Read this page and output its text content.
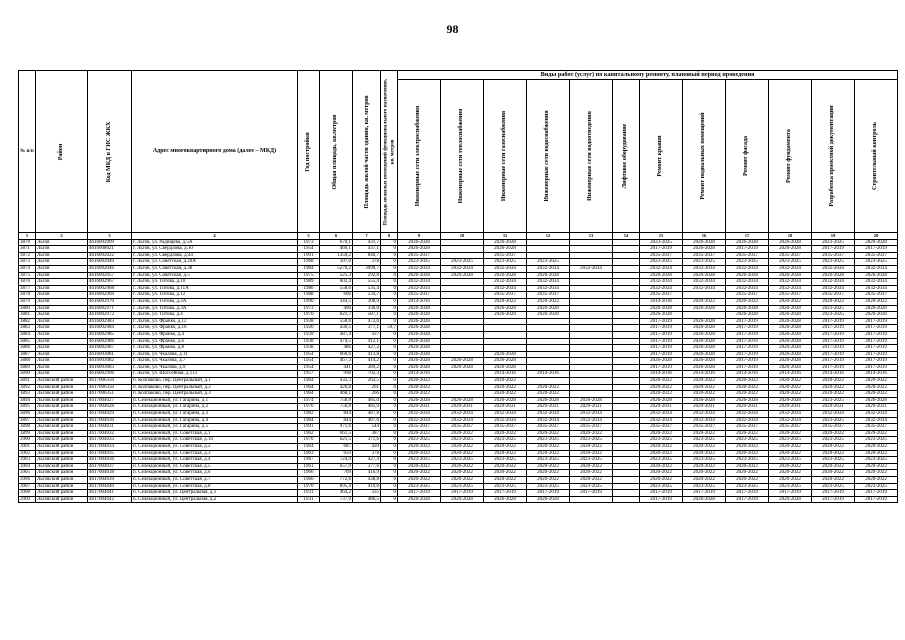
98
№ п/п	Район	Код МКД в ГИС ЖКХ	Адрес многоквартирного дома (далее – МКД)	Год постройки	Общая площадь, кв.метров	Площадь жилой части здания, кв. метров	Площадь нежилых помещений функционального назначения, кв. метров	Виды работ (услуг) по капитальному ремонту, плановый период проведения											

								Инженерные сети электроснабжения	Инженерные сети теплоснабжения	Инженерные сети газоснабжения	Инженерные сети водоснабжения	Инженерные сети водоотведения	Лифтовое оборудование	Ремонт крыши	Ремонт подвальных помещений	Ремонт фасада	Ремонт фундамента	Разработка проектной документации	Строительный контроль

1	2	3	4	5	6	7	8	9	10	11	12	13	14	15	16	17	18	19	20
3870	Льгов	4616002909	г. Льгов, ул. Радищева, д.5А	1973	670,1	431,7	0	2026-2028		2026-2028				2023-2025	2026-2028	2026-2028	2026-2028	2023-2025	2026-2028
3871	Льгов	4616008621	г. Льгов, ул. Свердлова, д.10	1954	469,1	437,1	0	2026-2028		2026-2028				2017-2019	2026-2028	2017-2019	2026-2028	2017-2019	2017-2019
3872	Льгов	4616002022	г. Льгов, ул. Свердлова, д.44	1991	1359,2	840,7	0	2035-2037		2035-2037				2035-2037	2035-2037	2035-2037	2035-2037	2035-2037	2035-2037
3873	Льгов	4616002040	г. Льгов, ул. Советская, д.20А	1968	397,0	378	0	2023-2025	2023-2025	2023-2025	2023-2025			2023-2025	2023-2025	2023-2025	2023-2025	2023-2025	2023-2025
3874	Льгов	4616002046	г. Льгов, ул. Советская, д.38	1984	5270,2	3990,7	0	2032-2034	2032-2034	2032-2034	2032-2034	2032-2034		2032-2034	2032-2034	2032-2034	2032-2034	2032-2034	2032-2034
3875	Льгов	4616002057	г. Льгов, ул. Советская, д.5	1975	525,3	292,8	0	2026-2028	2026-2028	2026-2028	2026-2028			2026-2028	2026-2028	2026-2028	2026-2028	2026-2028	2026-2028
3876	Льгов	4616002967	г. Льгов, ул. Титова, д.10	1989	602,4	555,4	0	2032-2034		2032-2034	2032-2034			2032-2034	2032-2034	2032-2034	2032-2034	2032-2034	2032-2034
3877	Льгов	4616002968	г. Льгов, ул. Титова, д.11А	1986	558,6	535,4	0	2032-2034		2032-2034	2032-2034			2032-2034	2032-2034	2032-2034	2032-2034	2032-2034	2032-2034
3878	Льгов	4616002969	г. Льгов, ул. Титова, д.12	1988	606	534,7	0	2035-2037		2035-2037	2035-2037			2035-2037		2035-2037	2035-2037	2035-2037	2035-2037
3879	Льгов	4616002970	г. Льгов, ул. Титова, д.2А	1996	344,5	308,9	0	2014-2016		2020-2022	2020-2022			2014-2016	2020-2022	2020-2022	2020-2022	2020-2022	2020-2022
3880	Льгов	4616002971	г. Льгов, ул. Титова, д.3А	1973	406	336,0	0	2026-2028		2026-2028	2026-2028			2026-2028	2026-2028	2026-2028	2026-2028	2023-2025	2026-2028
3881	Льгов	4616002972	г. Льгов, ул. Титова, д.4	1970	621,7	587,1	0	2026-2028		2026-2028	2026-2028			2026-2028		2026-2028	2026-2028	2023-2025	2026-2028
3882	Льгов	4616002983	г. Льгов, ул. Франко, д.12	1938	558,6	472,6	0	2026-2028						2017-2019	2026-2028	2017-2019	2026-2028	2017-2019	2017-2019
3883	Льгов	4616002984	г. Льгов, ул. Франко, д.16	1926	436,5	377,1	59,7	2026-2028						2017-2019	2026-2028	2017-2019	2026-2028	2017-2019	2017-2019
3884	Льгов	4616002985	г. Льгов, ул. Франко, д.4	1939	487,4	437	0	2026-2028						2017-2019	2026-2028	2017-2019	2026-2028	2017-2019	2017-2019
3885	Льгов	4616002986	г. Льгов, ул. Франко, д.6	1938	474,5	412,1	0	2026-2028						2017-2019	2026-2028	2017-2019	2026-2028	2017-2019	2017-2019
3886	Льгов	4616002987	г. Льгов, ул. Франко, д.8	1938	486	427,2	0	2026-2028						2017-2019	2026-2028	2017-2019	2026-2028	2017-2019	2017-2019
3887	Льгов	4616003081	г. Льгов, ул. Чкалова, д.11	1954	666,6	413,8	0	2026-2028		2026-2028				2017-2019	2026-2028	2017-2019	2026-2028	2017-2019	2017-2019
3888	Льгов	4616003082	г. Льгов, ул. Чкалова, д.7	1954	467,3	414,2	0	2026-2028	2026-2028	2026-2028				2026-2028	2026-2028	2017-2019	2026-2028	2017-2019	2017-2019
3889	Льгов	4616003083	г. Льгов, ул. Чкалова, д.9	1954	441	389,2	0	2026-2028	2026-2028	2026-2028				2017-2019	2026-2028	2017-2019	2026-2028	2017-2019	2017-2019
3890	Льгов	4616002996	г. Льгов, ул. Шоссейная, д.113	1957	998	702,3	0	2014-2016		2014-2016	2014-2016			2014-2016	2014-2016	2014-2016	2014-2016	2014-2016	2014-2016
3891	Льговский район	4617006350	п. Колпаково, пер. Центральный, д.1	1964	432,3	263,5	0	2020-2022		2020-2022				2020-2022	2020-2022	2020-2022	2020-2022	2020-2022	2020-2022
3892	Льговский район	4617006350	п. Колпаково, пер. Центральный, д.2	1964	426,8	261	0	2020-2022		2020-2022	2020-2022			2020-2022	2020-2022	2020-2022	2020-2022	2020-2022	2020-2022
3893	Льговский район	4617006351	п. Колпаково, пер. Центральный, д.3	1964	468,1	266	0	2020-2022		2020-2022	2020-2022			2020-2022	2020-2022	2020-2022	2020-2022	2020-2022	2020-2022
3894	Льговский район	4617004027	п. Селекционный, ул. Гагарина, д.1	1974	758,8	485,0	0	2026-2028	2026-2028	2026-2028	2026-2028	2026-2028		2026-2028	2026-2028	2026-2028	2026-2028	2023-2025	2026-2028
3895	Льговский район	4617004028	п. Селекционный, ул. Гагарина, д.2	1976	756,8	485,9	0	2029-2031	2029-2031	2029-2031	2029-2031	2029-2031		2029-2031	2029-2031	2029-2031	2029-2031	2029-2031	2029-2031
3896	Льговский район	4617004029	п. Селекционный, ул. Гагарина, д.3	1982	844	487,8	0	2032-2034	2032-2034	2032-2034	2032-2034	2032-2034		2032-2034	2032-2034	2032-2034	2032-2034	2032-2034	2032-2034
3897	Льговский район	4617004030	п. Селекционный, ул. Гагарина, д.4	1984	844	487,6	0	2032-2034	2032-2034	2032-2034	2032-2034	2032-2034		2032-2034	2032-2034	2032-2034	2032-2034	2023-2025	2032-2034
3898	Льговский район	4617004031	п. Селекционный, ул. Гагарина, д.5	1991	971,6	544	0	2035-2037	2035-2037	2035-2037	2035-2037	2035-2037		2035-2037	2035-2037	2035-2037	2035-2037	2035-2037	2035-2037
3899	Льговский район	4617004032	п. Селекционный, ул. Советская, д.1	1962	661,5	387	0	2020-2022	2020-2022	2020-2022	2020-2022	2020-2022		2020-2022	2020-2022	2020-2022	2020-2022	2020-2022	2020-2022
3900	Льговский район	4617004033	п. Селекционный, ул. Советская, д.10	1970	621,5	371,6	0	2023-2025	2023-2025	2023-2025	2023-2025	2023-2025		2023-2025	2023-2025	2023-2025	2023-2025	2023-2025	2023-2025
3901	Льговский район	4617004034	п. Селекционный, ул. Советская, д.2	1964	687	420	0	2020-2022	2020-2022	2020-2022	2020-2022	2020-2022		2020-2022	2020-2022	2020-2022	2020-2022	2020-2022	2020-2022
3902	Льговский район	4617004035	п. Селекционный, ул. Советская, д.3	1963	659	378	0	2020-2022	2020-2022	2020-2022	2020-2022	2020-2022		2020-2022	2020-2022	2020-2022	2020-2022	2020-2022	2020-2022
3903	Льговский район	4617004036	п. Селекционный, ул. Советская, д.4	1967	724,9	427,4	0	2023-2025	2023-2025	2023-2025	2023-2025	2023-2025		2023-2025	2023-2025	2023-2025	2023-2025	2023-2025	2023-2025
3904	Льговский район	4617004037	п. Селекционный, ул. Советская, д.5	1961	657,9	377,6	0	2020-2022	2020-2022	2020-2022	2020-2022	2020-2022		2020-2022	2020-2022	2020-2022	2020-2022	2020-2022	2020-2022
3905	Льговский район	4617004038	п. Селекционный, ул. Советская, д.6	1966	709	416,9	0	2020-2022	2020-2022	2020-2022	2020-2022	2020-2022		2020-2022	2020-2022	2020-2022	2020-2022	2020-2022	2020-2022
3906	Льговский район	4617004039	п. Селекционный, ул. Советская, д.7	1966	772,6	438,8	0	2020-2022	2020-2022	2020-2022	2020-2022	2020-2022		2020-2022	2020-2022	2020-2022	2020-2022	2020-2022	2020-2022
3907	Льговский район	4617004040	п. Селекционный, ул. Советская, д.8	1970	895,4	410,8	0	2023-2025	2023-2025	2023-2025	2023-2025	2023-2025		2023-2025	2023-2025	2023-2025	2023-2025	2023-2025	2023-2025
3908	Льговский район	4617004041	п. Селекционный, ул. Центральная, д.1	1931	464,2	335	0	2017-2019	2017-2019	2017-2019	2017-2019	2017-2019		2017-2019	2017-2019	2017-2019	2017-2019	2017-2019	2017-2019
3909	Льговский район	4617004042	п. Селекционный, ул. Центральная, д.2	1931	737,9	486,5	0	2026-2028	2026-2028	2026-2028	2026-2028			2017-2019	2026-2028	2017-2019	2026-2028	2017-2019	2017-2019
